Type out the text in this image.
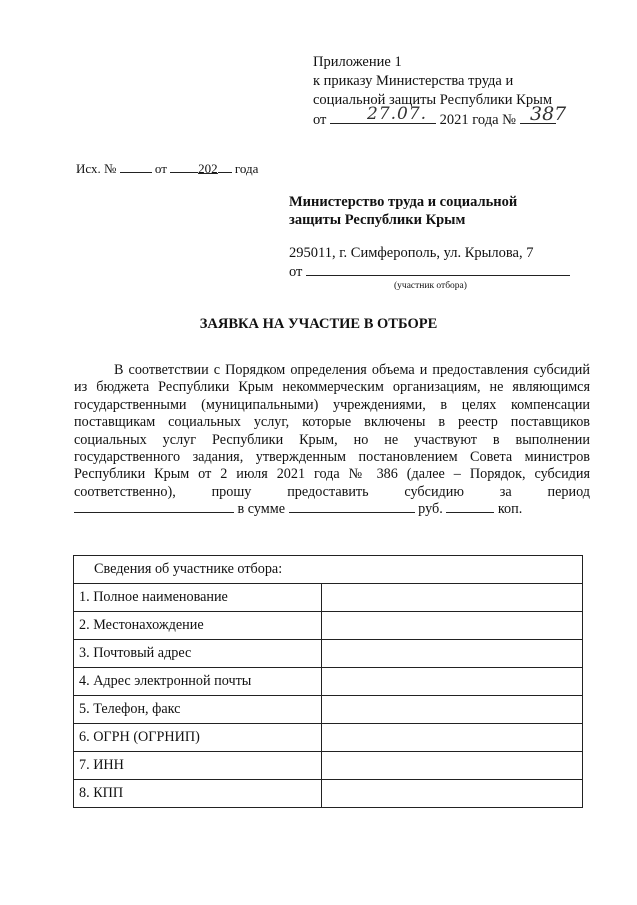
Приложение 1
к приказу Министерства труда и
социальной защиты Республики Крым
от	2021 года №
27.07.	387
Исх. №	от 202 года
Министерство труда и социальной
защиты Республики Крым
295011, г. Симферополь, ул. Крылова, 7
от
(участник отбора)
ЗАЯВКА НА УЧАСТИЕ В ОТБОРЕ

В соответствии с Порядком определения объема и предоставления субсидий из бюджета Республики Крым некоммерческим организациям, не являющимся государственными (муниципальными) учреждениями, в целях компенсации поставщикам социальных услуг, которые включены в реестр поставщиков социальных услуг Республики Крым, но не участвуют в выполнении государственного задания, утвержденным постановлением Совета министров Республики Крым от 2 июля 2021 года № 386 (далее – Порядок, субсидия соответственно), прошу предоставить субсидию	за период  в сумме	руб.	коп.

Сведения об участнике отбора:	
1. Полное наименование	
2. Местонахождение	
3. Почтовый адрес	
4. Адрес электронной почты	
5. Телефон, факс	
6. ОГРН (ОГРНИП)	
7. ИНН	
8. КПП	
